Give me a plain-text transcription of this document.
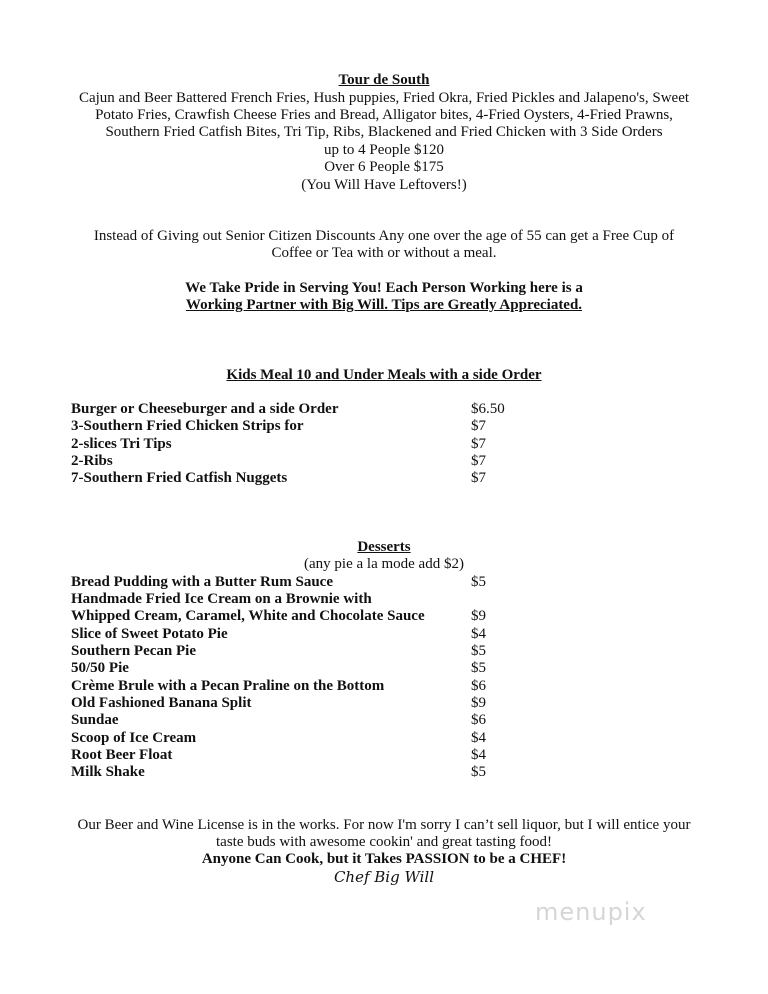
Tour de South
Cajun and Beer Battered French Fries, Hush puppies, Fried Okra, Fried Pickles and Jalapeno's, Sweet
Potato Fries, Crawfish Cheese Fries and Bread, Alligator bites, 4-Fried Oysters, 4-Fried Prawns,
Southern Fried Catfish Bites, Tri Tip, Ribs, Blackened and Fried Chicken with 3 Side Orders
up to 4 People $120
Over 6 People $175
(You Will Have Leftovers!)
Instead of Giving out Senior Citizen Discounts Any one over the age of 55 can get a Free Cup of
Coffee or Tea with or without a meal.
We Take Pride in Serving You! Each Person Working here is a
Working Partner with Big Will. Tips are Greatly Appreciated.
Kids Meal 10 and Under Meals with a side Order
Burger or Cheeseburger and a side Order	$6.50
3-Southern Fried Chicken Strips for	$7
2-slices Tri Tips	$7
2-Ribs	$7
7-Southern Fried Catfish Nuggets	$7
Desserts
(any pie a la mode add $2)
Bread Pudding with a Butter Rum Sauce	$5
Handmade Fried Ice Cream on a Brownie with
Whipped Cream, Caramel, White and Chocolate Sauce	$9
Slice of Sweet Potato Pie	$4
Southern Pecan Pie	$5
50/50 Pie	$5
Crème Brule with a Pecan Praline on the Bottom	$6
Old Fashioned Banana Split	$9
Sundae	$6
Scoop of Ice Cream	$4
Root Beer Float	$4
Milk Shake	$5
Our Beer and Wine License is in the works. For now I'm sorry I can’t sell liquor, but I will entice your
taste buds with awesome cookin' and great tasting food!
Anyone Can Cook, but it Takes PASSION to be a CHEF!
Chef Big Will
menupix
